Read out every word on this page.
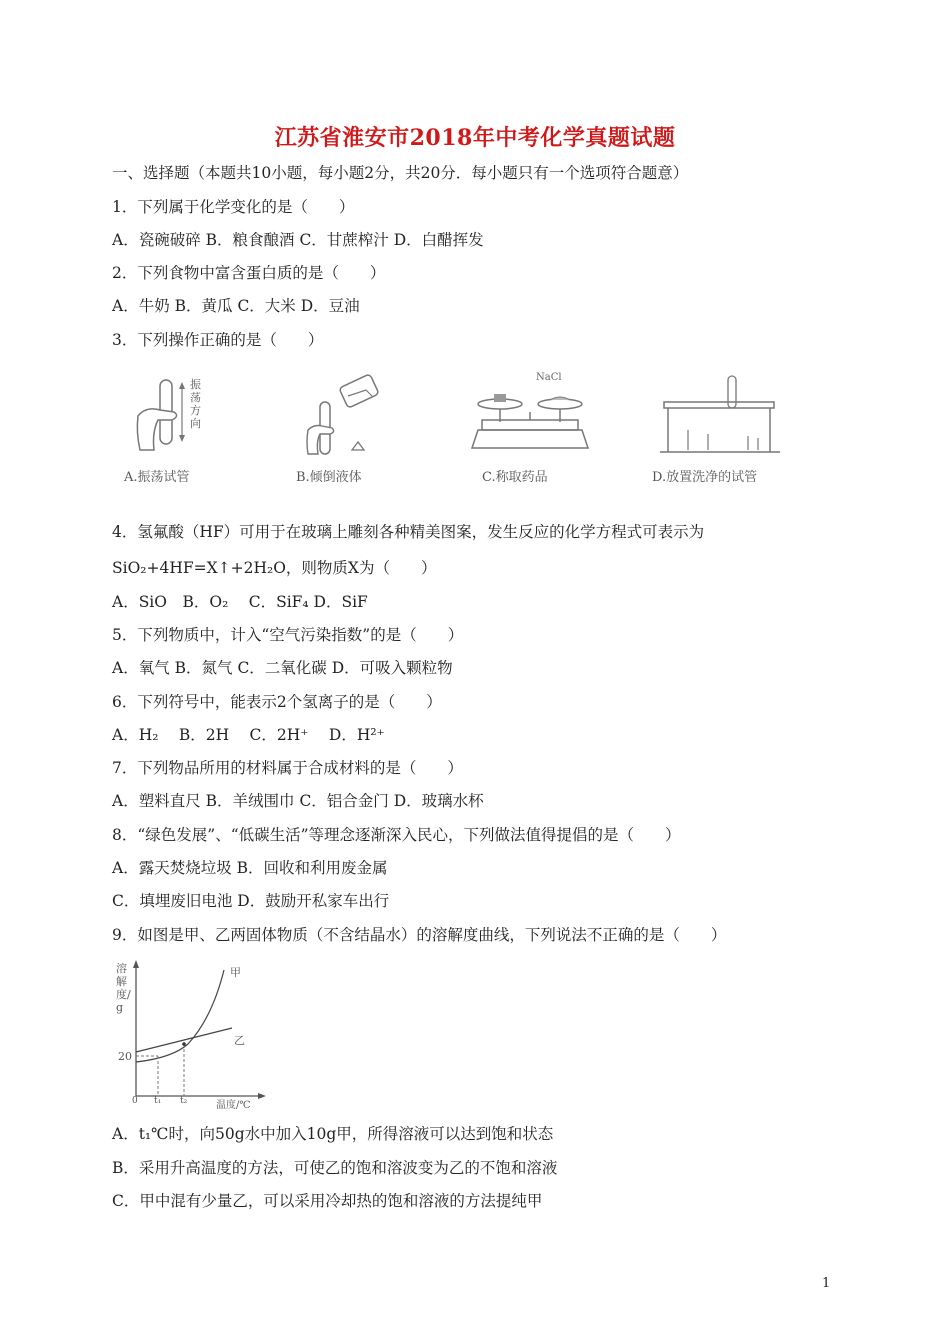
江苏省淮安市2018年中考化学真题试题
一、选择题（本题共10小题，每小题2分，共20分．每小题只有一个选项符合题意）
1．下列属于化学变化的是（　　）
A．瓷碗破碎 B．粮食酿酒 C．甘蔗榨汁 D．白醋挥发
2．下列食物中富含蛋白质的是（　　）
A．牛奶 B．黄瓜 C．大米 D．豆油
3．下列操作正确的是（　　）
振荡方向
A.振荡试管	B.倾倒液体
NaCl
C.称取药品	D.放置洗净的试管
4．氢氟酸（HF）可用于在玻璃上雕刻各种精美图案，发生反应的化学方程式可表示为
SiO₂+4HF=X↑+2H₂O，则物质X为（　　）
A．SiO　B．O₂　 C．SiF₄ D．SiF
5．下列物质中，计入“空气污染指数”的是（　　）
A．氧气 B．氮气 C．二氧化碳 D．可吸入颗粒物
6．下列符号中，能表示2个氢离子的是（　　）
A．H₂　 B．2H　 C．2H⁺　 D．H²⁺
7．下列物品所用的材料属于合成材料的是（　　）
A．塑料直尺 B．羊绒围巾 C．铝合金门 D．玻璃水杯
8．“绿色发展”、“低碳生活”等理念逐渐深入民心，下列做法值得提倡的是（　　）
A．露天焚烧垃圾 B．回收和利用废金属
C．填埋废旧电池 D．鼓励开私家车出行
9．如图是甲、乙两固体物质（不含结晶水）的溶解度曲线，下列说法不正确的是（　　）
溶解度/g
甲
乙
20
0 t₁ t₂	温度/℃
A．t₁℃时，向50g水中加入10g甲，所得溶液可以达到饱和状态
B．采用升高温度的方法，可使乙的饱和溶波变为乙的不饱和溶液
C．甲中混有少量乙，可以采用冷却热的饱和溶液的方法提纯甲
1
